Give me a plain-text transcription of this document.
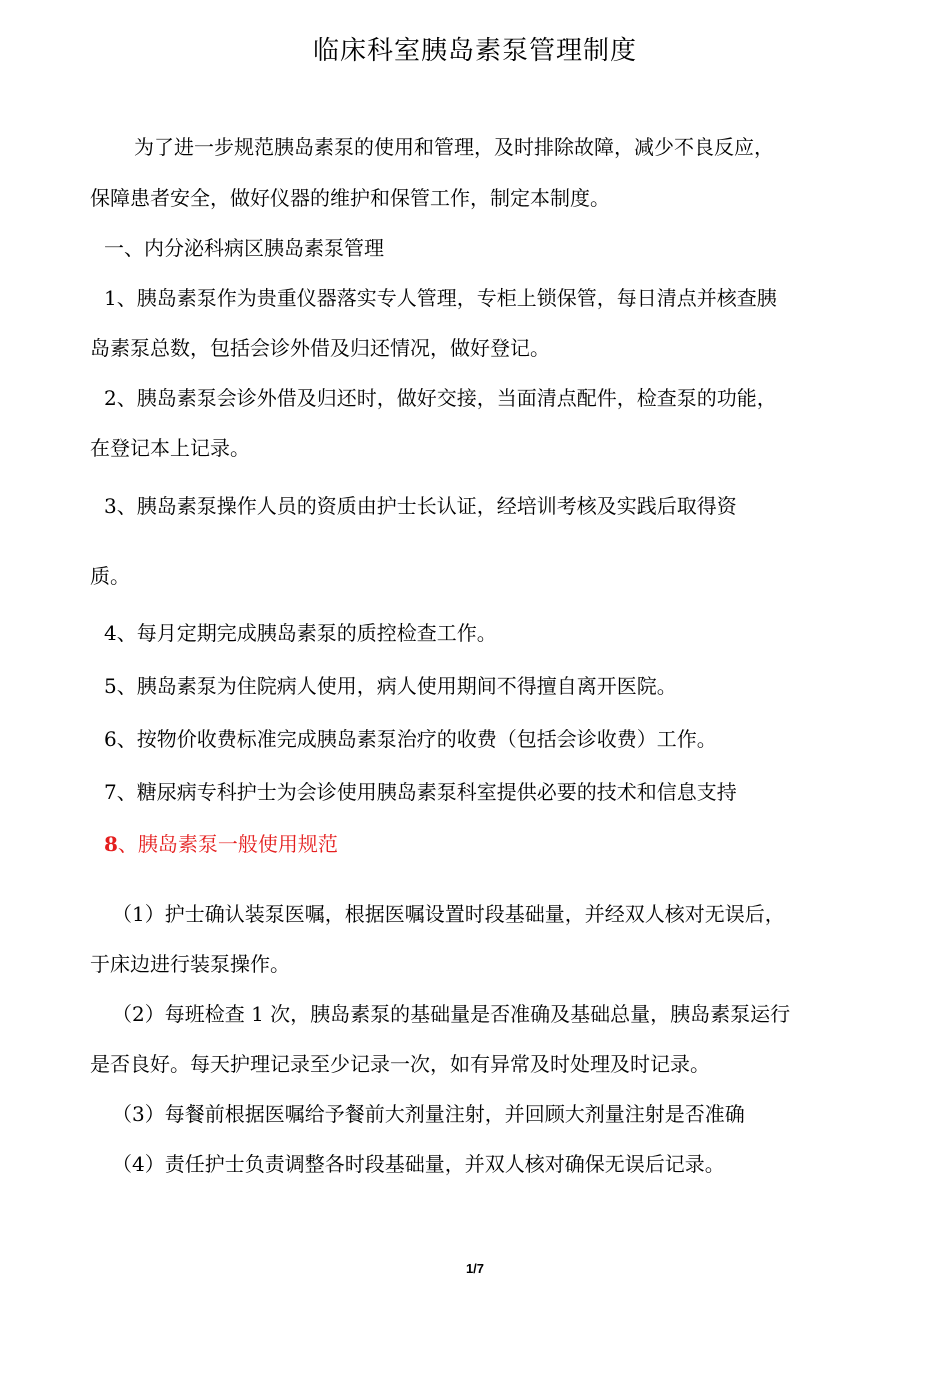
临床科室胰岛素泵管理制度
为了进一步规范胰岛素泵的使用和管理，及时排除故障，减少不良反应，
保障患者安全，做好仪器的维护和保管工作，制定本制度。
一、内分泌科病区胰岛素泵管理
1、胰岛素泵作为贵重仪器落实专人管理，专柜上锁保管，每日清点并核查胰
岛素泵总数，包括会诊外借及归还情况，做好登记。
2、胰岛素泵会诊外借及归还时，做好交接，当面清点配件，检查泵的功能，
在登记本上记录。
3、胰岛素泵操作人员的资质由护士长认证，经培训考核及实践后取得资
质。
4、每月定期完成胰岛素泵的质控检查工作。
5、胰岛素泵为住院病人使用，病人使用期间不得擅自离开医院。
6、按物价收费标准完成胰岛素泵治疗的收费（包括会诊收费）工作。
7、糖尿病专科护士为会诊使用胰岛素泵科室提供必要的技术和信息支持
8、胰岛素泵一般使用规范
（1）护士确认装泵医嘱，根据医嘱设置时段基础量，并经双人核对无误后，
于床边进行装泵操作。
（2）每班检查 1 次，胰岛素泵的基础量是否准确及基础总量，胰岛素泵运行
是否良好。每天护理记录至少记录一次，如有异常及时处理及时记录。
（3）每餐前根据医嘱给予餐前大剂量注射，并回顾大剂量注射是否准确
（4）责任护士负责调整各时段基础量，并双人核对确保无误后记录。
1/7
